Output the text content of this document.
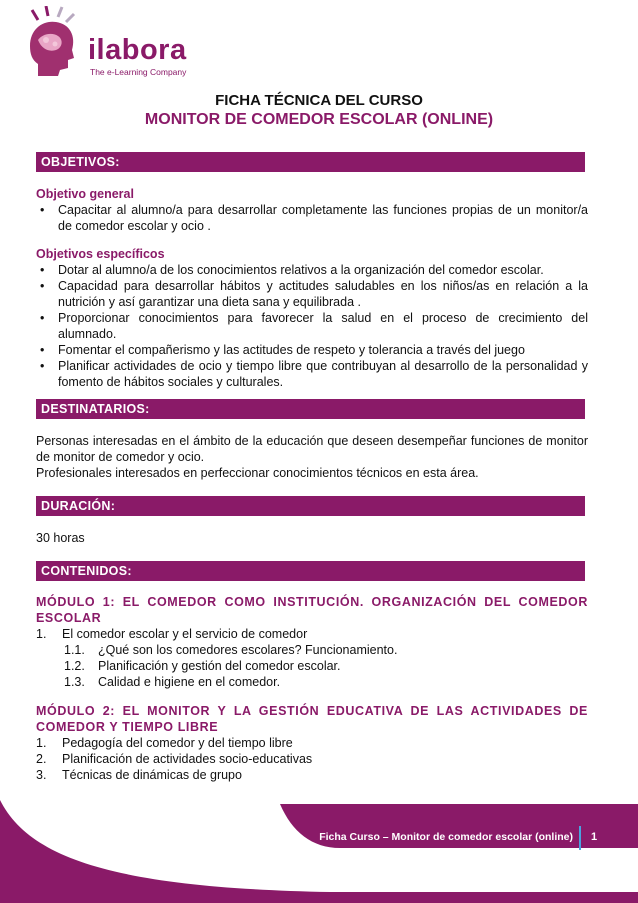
ilabora
The e-Learning Company
FICHA TÉCNICA DEL CURSO
MONITOR DE COMEDOR ESCOLAR (ONLINE)
OBJETIVOS:
Objetivo general
• Capacitar al alumno/a para desarrollar completamente las funciones propias de un monitor/a de comedor escolar y ocio .
Objetivos específicos
• Dotar al alumno/a de los conocimientos relativos a la organización del comedor escolar.
• Capacidad para desarrollar hábitos y actitudes saludables en los niños/as en relación a la nutrición y así garantizar una dieta sana y equilibrada .
• Proporcionar conocimientos para favorecer la salud en el proceso de crecimiento del alumnado.
• Fomentar el compañerismo y las actitudes de respeto y tolerancia a través del juego
• Planificar actividades de ocio y tiempo libre que contribuyan al desarrollo de la personalidad y fomento de hábitos sociales y culturales.
DESTINATARIOS:
Personas interesadas en el ámbito de la educación que deseen desempeñar funciones de monitor de monitor de comedor y ocio.
Profesionales interesados en perfeccionar conocimientos técnicos en esta área.
DURACIÓN:
30 horas
CONTENIDOS:
MÓDULO 1: EL COMEDOR COMO INSTITUCIÓN. ORGANIZACIÓN DEL COMEDOR ESCOLAR
1. El comedor escolar y el servicio de comedor
1.1. ¿Qué son los comedores escolares? Funcionamiento.
1.2. Planificación y gestión del comedor escolar.
1.3. Calidad e higiene en el comedor.
MÓDULO 2: EL MONITOR Y LA GESTIÓN EDUCATIVA DE LAS ACTIVIDADES DE COMEDOR Y TIEMPO LIBRE
1. Pedagogía del comedor y del tiempo libre
2. Planificación de actividades socio-educativas
3. Técnicas de dinámicas de grupo
Ficha Curso – Monitor de comedor escolar (online) 1
